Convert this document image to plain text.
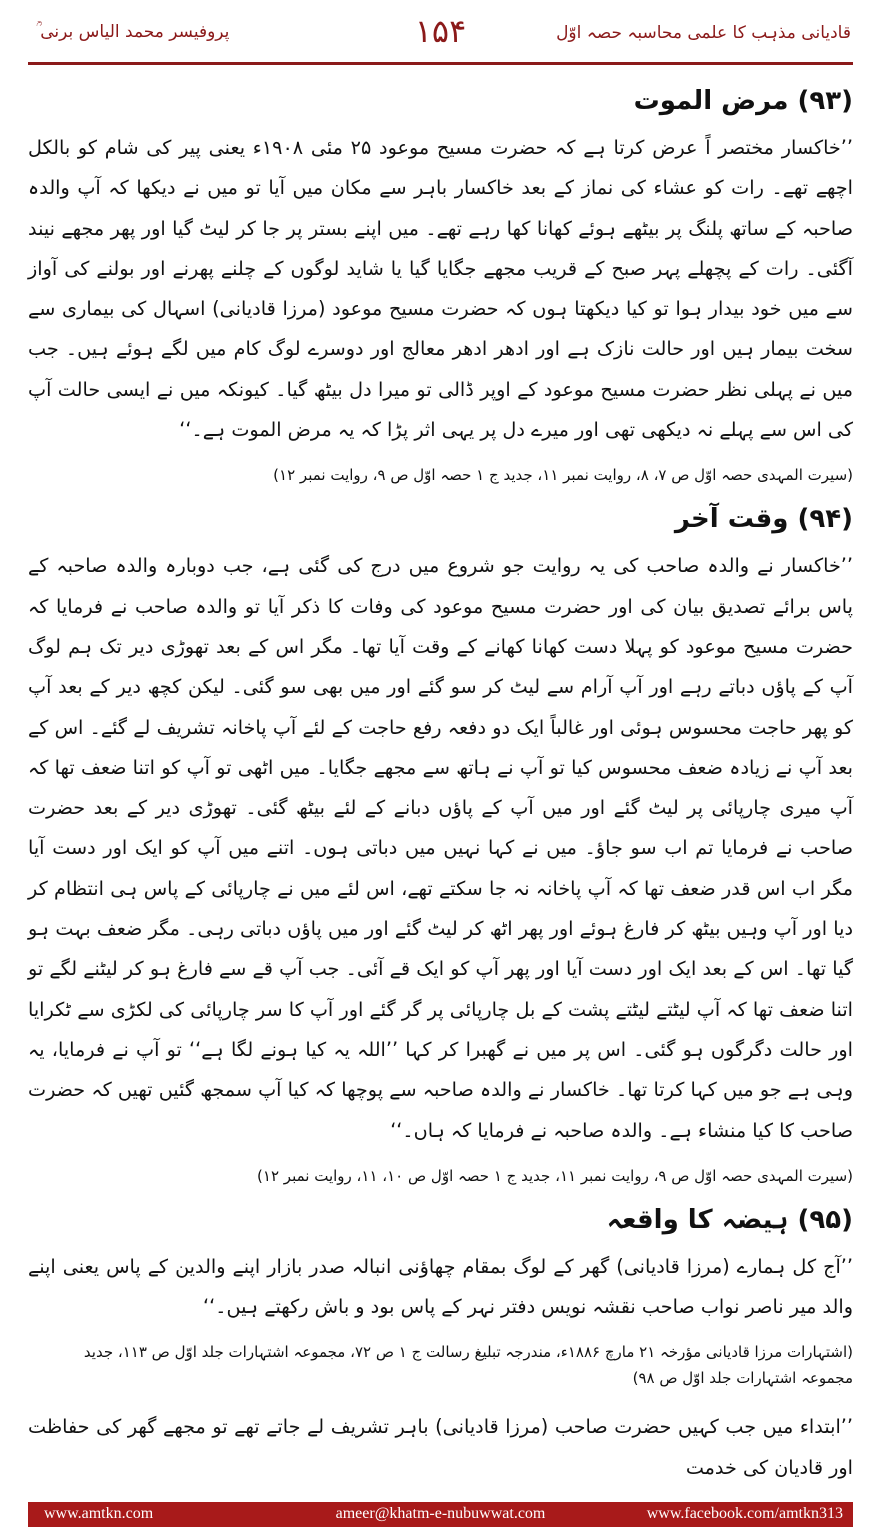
قادیانی مذہب کا علمی محاسبہ حصہ اوّل
۱۵۴
پروفیسر محمد الیاس برنی ؒ
(۹۳) مرض الموت

’’خاکسار مختصر اً عرض کرتا ہے کہ حضرت مسیح موعود ۲۵ مئی ۱۹۰۸ء یعنی پیر کی شام کو بالکل اچھے تھے۔ رات کو عشاء کی نماز کے بعد خاکسار باہر سے مکان میں آیا تو میں نے دیکھا کہ آپ والدہ صاحبہ کے ساتھ پلنگ پر بیٹھے ہوئے کھانا کھا رہے تھے۔ میں اپنے بستر پر جا کر لیٹ گیا اور پھر مجھے نیند آگئی۔ رات کے پچھلے پہر صبح کے قریب مجھے جگایا گیا یا شاید لوگوں کے چلنے پھرنے اور بولنے کی آواز سے میں خود بیدار ہوا تو کیا دیکھتا ہوں کہ حضرت مسیح موعود (مرزا قادیانی) اسہال کی بیماری سے سخت بیمار ہیں اور حالت نازک ہے اور ادھر ادھر معالج اور دوسرے لوگ کام میں لگے ہوئے ہیں۔ جب میں نے پہلی نظر حضرت مسیح موعود کے اوپر ڈالی تو میرا دل بیٹھ گیا۔ کیونکہ میں نے ایسی حالت آپ کی اس سے پہلے نہ دیکھی تھی اور میرے دل پر یہی اثر پڑا کہ یہ مرض الموت ہے۔‘‘

(سیرت المہدی حصہ اوّل ص ۷، ۸، روایت نمبر ۱۱، جدید ج ۱ حصہ اوّل ص ۹، روایت نمبر ۱۲)
(۹۴) وقت آخر

’’خاکسار نے والدہ صاحب کی یہ روایت جو شروع میں درج کی گئی ہے، جب دوبارہ والدہ صاحبہ کے پاس برائے تصدیق بیان کی اور حضرت مسیح موعود کی وفات کا ذکر آیا تو والدہ صاحب نے فرمایا کہ حضرت مسیح موعود کو پہلا دست کھانا کھانے کے وقت آیا تھا۔ مگر اس کے بعد تھوڑی دیر تک ہم لوگ آپ کے پاؤں دباتے رہے اور آپ آرام سے لیٹ کر سو گئے اور میں بھی سو گئی۔ لیکن کچھ دیر کے بعد آپ کو پھر حاجت محسوس ہوئی اور غالباً ایک دو دفعہ رفع حاجت کے لئے آپ پاخانہ تشریف لے گئے۔ اس کے بعد آپ نے زیادہ ضعف محسوس کیا تو آپ نے ہاتھ سے مجھے جگایا۔ میں اٹھی تو آپ کو اتنا ضعف تھا کہ آپ میری چارپائی پر لیٹ گئے اور میں آپ کے پاؤں دبانے کے لئے بیٹھ گئی۔ تھوڑی دیر کے بعد حضرت صاحب نے فرمایا تم اب سو جاؤ۔ میں نے کہا نہیں میں دباتی ہوں۔ اتنے میں آپ کو ایک اور دست آیا مگر اب اس قدر ضعف تھا کہ آپ پاخانہ نہ جا سکتے تھے، اس لئے میں نے چارپائی کے پاس ہی انتظام کر دیا اور آپ وہیں بیٹھ کر فارغ ہوئے اور پھر اٹھ کر لیٹ گئے اور میں پاؤں دباتی رہی۔ مگر ضعف بہت ہو گیا تھا۔ اس کے بعد ایک اور دست آیا اور پھر آپ کو ایک قے آئی۔ جب آپ قے سے فارغ ہو کر لیٹنے لگے تو اتنا ضعف تھا کہ آپ لیٹتے لیٹتے پشت کے بل چارپائی پر گر گئے اور آپ کا سر چارپائی کی لکڑی سے ٹکرایا اور حالت دگرگوں ہو گئی۔ اس پر میں نے گھبرا کر کہا ’’اللہ یہ کیا ہونے لگا ہے‘‘ تو آپ نے فرمایا، یہ وہی ہے جو میں کہا کرتا تھا۔ خاکسار نے والدہ صاحبہ سے پوچھا کہ کیا آپ سمجھ گئیں تھیں کہ حضرت صاحب کا کیا منشاء ہے۔ والدہ صاحبہ نے فرمایا کہ ہاں۔‘‘

(سیرت المہدی حصہ اوّل ص ۹، روایت نمبر ۱۱، جدید ج ۱ حصہ اوّل ص ۱۰، ۱۱، روایت نمبر ۱۲)
(۹۵) ہیضہ کا واقعہ

’’آج کل ہمارے (مرزا قادیانی) گھر کے لوگ بمقام چھاؤنی انبالہ صدر بازار اپنے والدین کے پاس یعنی اپنے والد میر ناصر نواب صاحب نقشہ نویس دفتر نہر کے پاس بود و باش رکھتے ہیں۔‘‘

(اشتہارات مرزا قادیانی مؤرخہ ۲۱ مارچ ۱۸۸۶ء، مندرجہ تبلیغ رسالت ج ۱ ص ۷۲، مجموعہ اشتہارات جلد اوّل ص ۱۱۳، جدید مجموعہ اشتہارات جلد اوّل ص ۹۸)

’’ابتداء میں جب کہیں حضرت صاحب (مرزا قادیانی) باہر تشریف لے جاتے تھے تو مجھے گھر کی حفاظت اور قادیان کی خدمت

www.amtkn.com	ameer@khatm-e-nubuwwat.com	www.facebook.com/amtkn313
